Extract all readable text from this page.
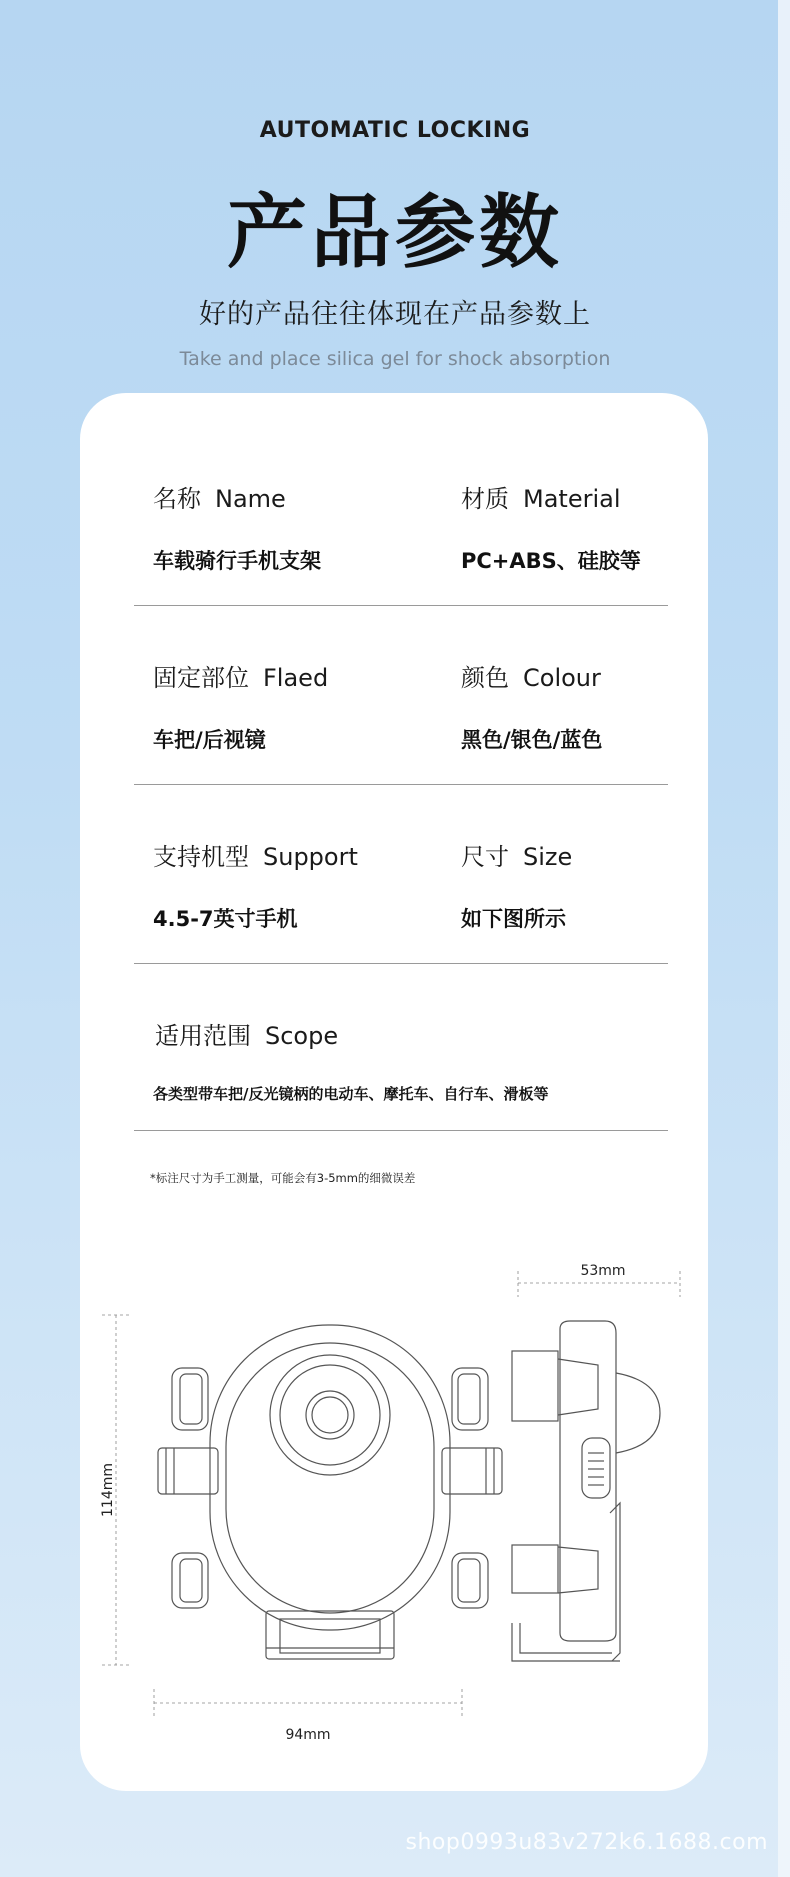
AUTOMATIC LOCKING
产品参数
好的产品往往体现在产品参数上
Take and place silica gel for shock absorption
名称 Name
车载骑行手机支架
材质 Material
PC+ABS、硅胶等
固定部位 Flaed
车把/后视镜
颜色 Colour
黑色/银色/蓝色
支持机型 Support
4.5-7英寸手机
尺寸 Size
如下图所示
适用范围 Scope
各类型带车把/反光镜柄的电动车、摩托车、自行车、滑板等
*标注尺寸为手工测量，可能会有3-5mm的细微误差
114mm
94mm
53mm
shop0993u83v272k6.1688.com
